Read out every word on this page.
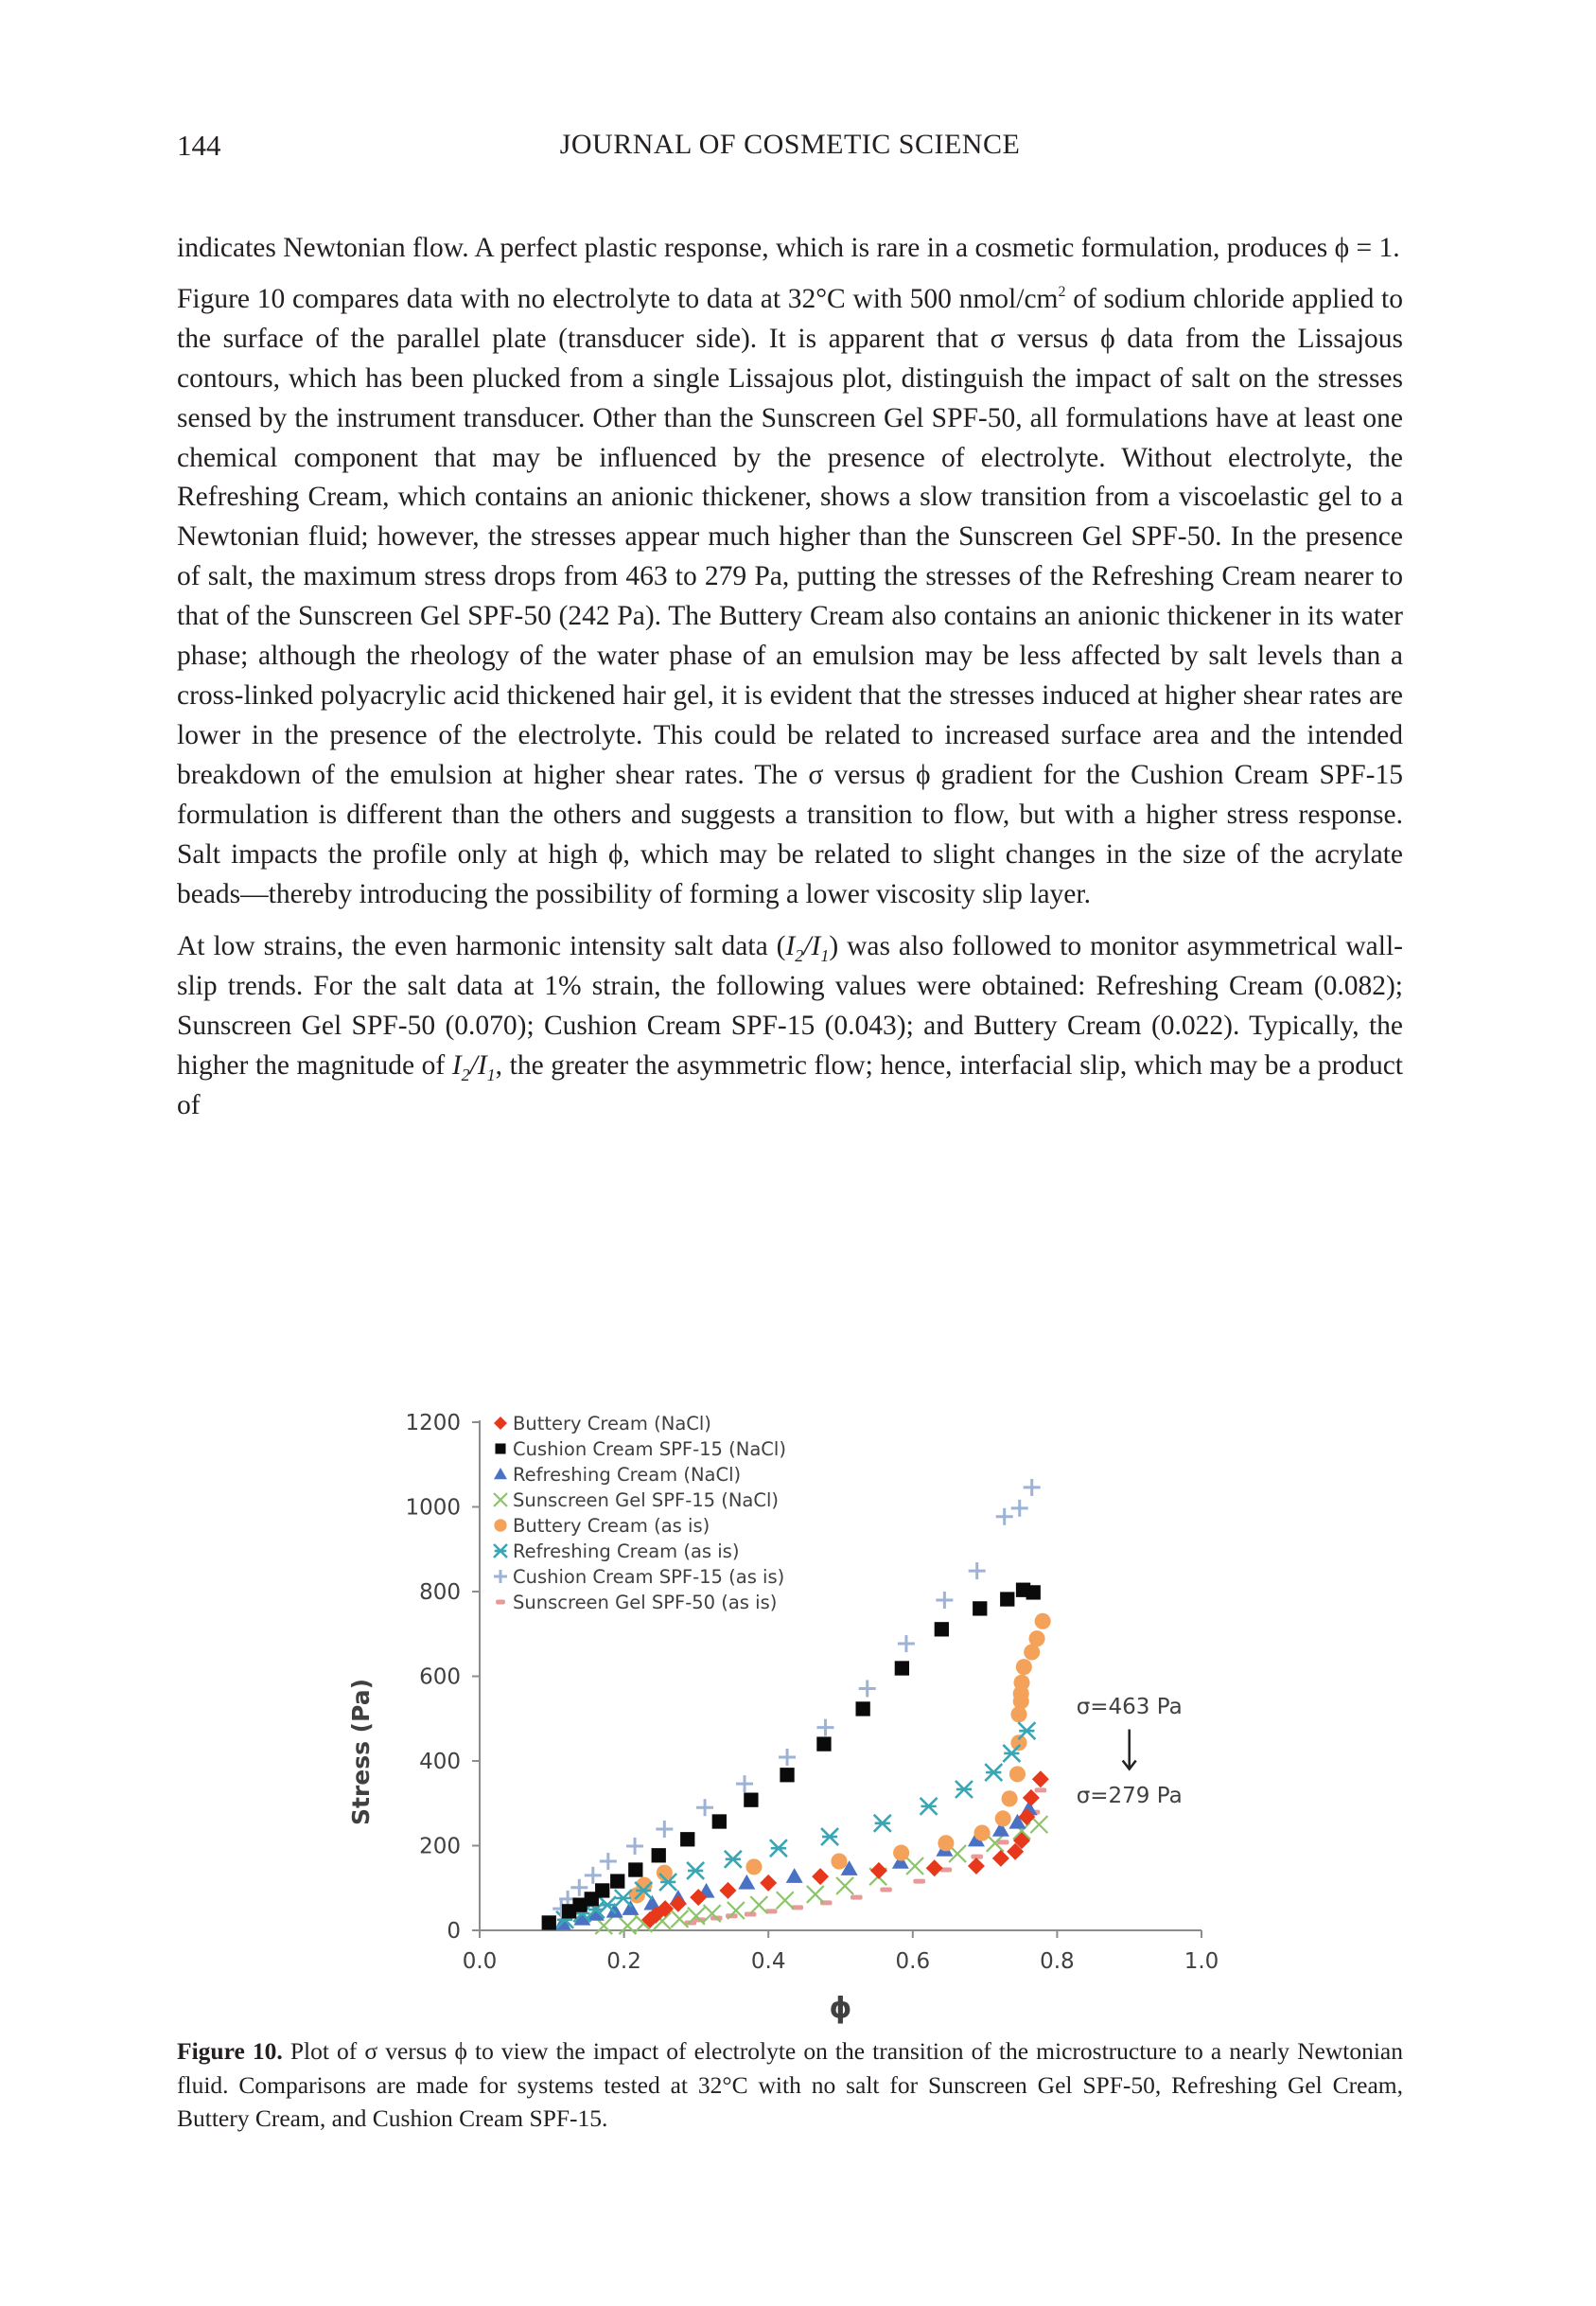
144	JOURNAL OF COSMETIC SCIENCE

indicates Newtonian flow. A perfect plastic response, which is rare in a cosmetic formulation, produces ϕ = 1.

Figure 10 compares data with no electrolyte to data at 32°C with 500 nmol/$cm^2$ of sodium chloride applied to the surface of the parallel plate (transducer side). It is apparent that σ versus ϕ data from the Lissajous contours, which has been plucked from a single Lissajous plot, distinguish the impact of salt on the stresses sensed by the instrument transducer. Other than the Sunscreen Gel SPF-50, all formulations have at least one chemical component that may be influenced by the presence of electrolyte. Without electrolyte, the Refreshing Cream, which contains an anionic thickener, shows a slow transition from a viscoelastic gel to a Newtonian fluid; however, the stresses appear much higher than the Sunscreen Gel SPF-50. In the presence of salt, the maximum stress drops from 463 to 279 Pa, putting the stresses of the Refreshing Cream nearer to that of the Sunscreen Gel SPF-50 (242 Pa). The Buttery Cream also contains an anionic thickener in its water phase; although the rheology of the water phase of an emulsion may be less affected by salt levels than a cross-linked polyacrylic acid thickened hair gel, it is evident that the stresses induced at higher shear rates are lower in the presence of the electrolyte. This could be related to increased surface area and the intended breakdown of the emulsion at higher shear rates. The σ versus ϕ gradient for the Cushion Cream SPF-15 formulation is different than the others and suggests a transition to flow, but with a higher stress response. Salt impacts the profile only at high ϕ, which may be related to slight changes in the size of the acrylate beads—thereby introducing the possibility of forming a lower viscosity slip layer.

At low strains, the even harmonic intensity salt data $(I_2/I_1)$ was also followed to monitor asymmetrical wall-slip trends. For the salt data at 1% strain, the following values were obtained: Refreshing Cream (0.082); Sunscreen Gel SPF-50 (0.070); Cushion Cream SPF-15 (0.043); and Buttery Cream (0.022). Typically, the higher the magnitude of $I_2/I_1$, the greater the asymmetric flow; hence, interfacial slip, which may be a product of

0
200
400
600
800
1000
1200
0.0	0.2	0.4	0.6	0.8	1.0
ϕ
Stress (Pa)
Buttery Cream (NaCl)
Cushion Cream SPF-15 (NaCl)
Refreshing Cream (NaCl)
Sunscreen Gel SPF-15 (NaCl)
Buttery Cream (as is)
Refreshing Cream (as is)
Cushion Cream SPF-15 (as is)
Sunscreen Gel SPF-50 (as is)
σ=463 Pa
σ=279 Pa
Figure 10. Plot of σ versus ϕ to view the impact of electrolyte on the transition of the microstructure to a nearly Newtonian fluid. Comparisons are made for systems tested at 32°C with no salt for Sunscreen Gel SPF-50, Refreshing Gel Cream, Buttery Cream, and Cushion Cream SPF-15.
